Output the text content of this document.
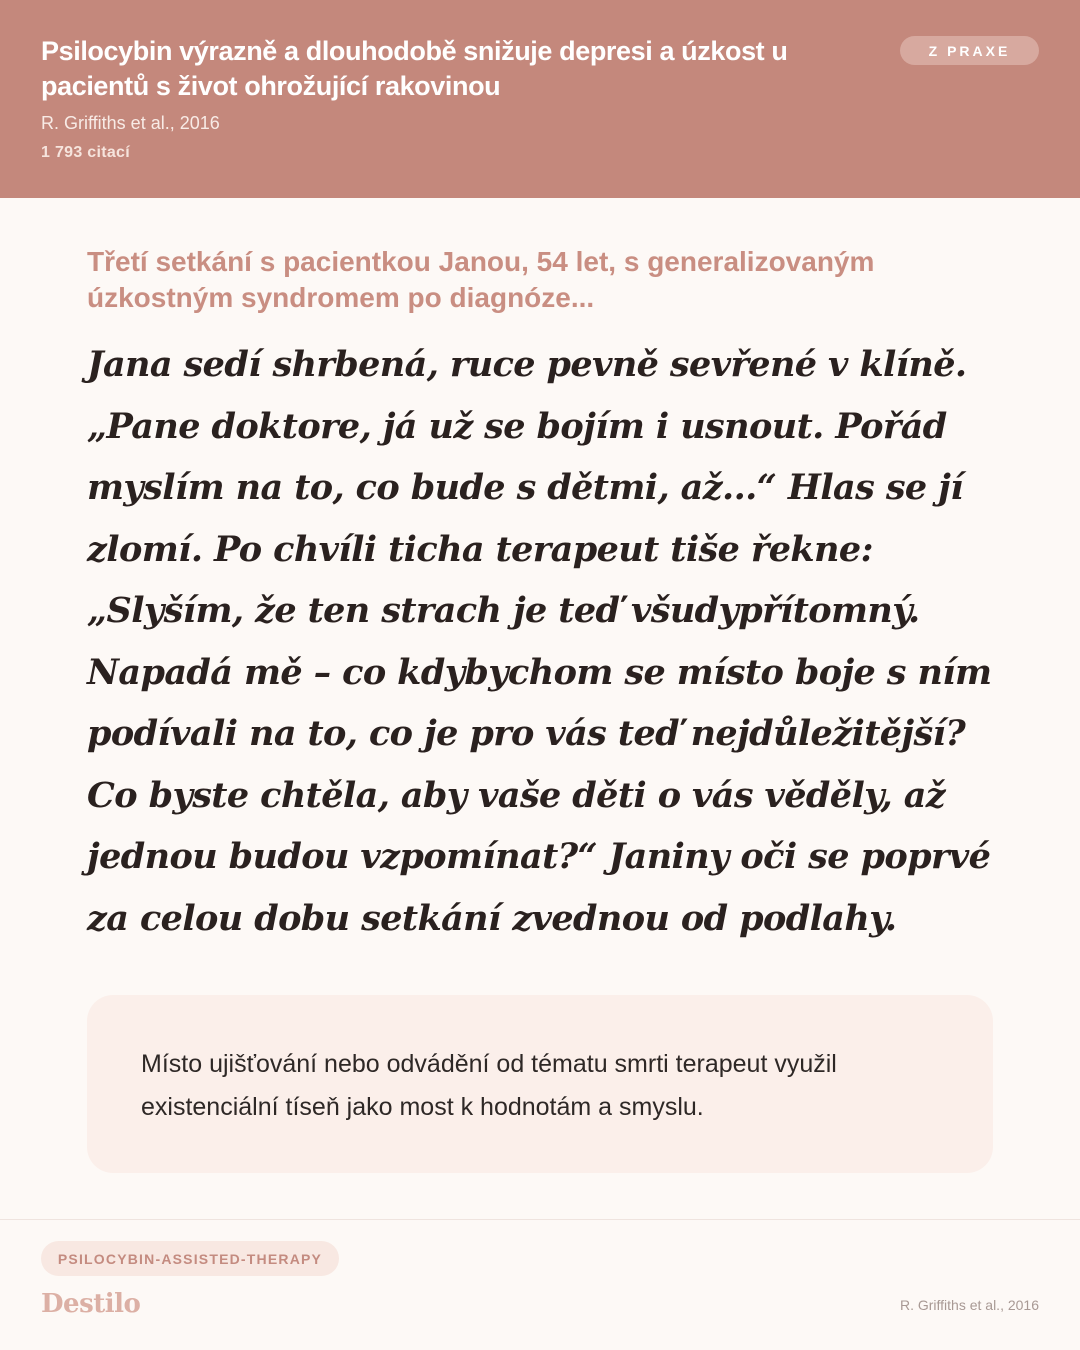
Psilocybin výrazně a dlouhodobě snižuje depresi a úzkost u pacientů s život ohrožující rakovinou
R. Griffiths et al., 2016
1 793 citací
Z PRAXE
Třetí setkání s pacientkou Janou, 54 let, s generalizovaným úzkostným syndromem po diagnóze...
Jana sedí shrbená, ruce pevně sevřené v klíně. „Pane doktore, já už se bojím i usnout. Pořád myslím na to, co bude s dětmi, až...“ Hlas se jí zlomí. Po chvíli ticha terapeut tiše řekne: „Slyším, že ten strach je teď všudypřítomný. Napadá mě – co kdybychom se místo boje s ním podívali na to, co je pro vás teď nejdůležitější? Co byste chtěla, aby vaše děti o vás věděly, až jednou budou vzpomínat?“ Janiny oči se poprvé za celou dobu setkání zvednou od podlahy.
Místo ujišťování nebo odvádění od tématu smrti terapeut využil existenciální tíseň jako most k hodnotám a smyslu.
PSILOCYBIN-ASSISTED-THERAPY
Destilo	R. Griffiths et al., 2016
